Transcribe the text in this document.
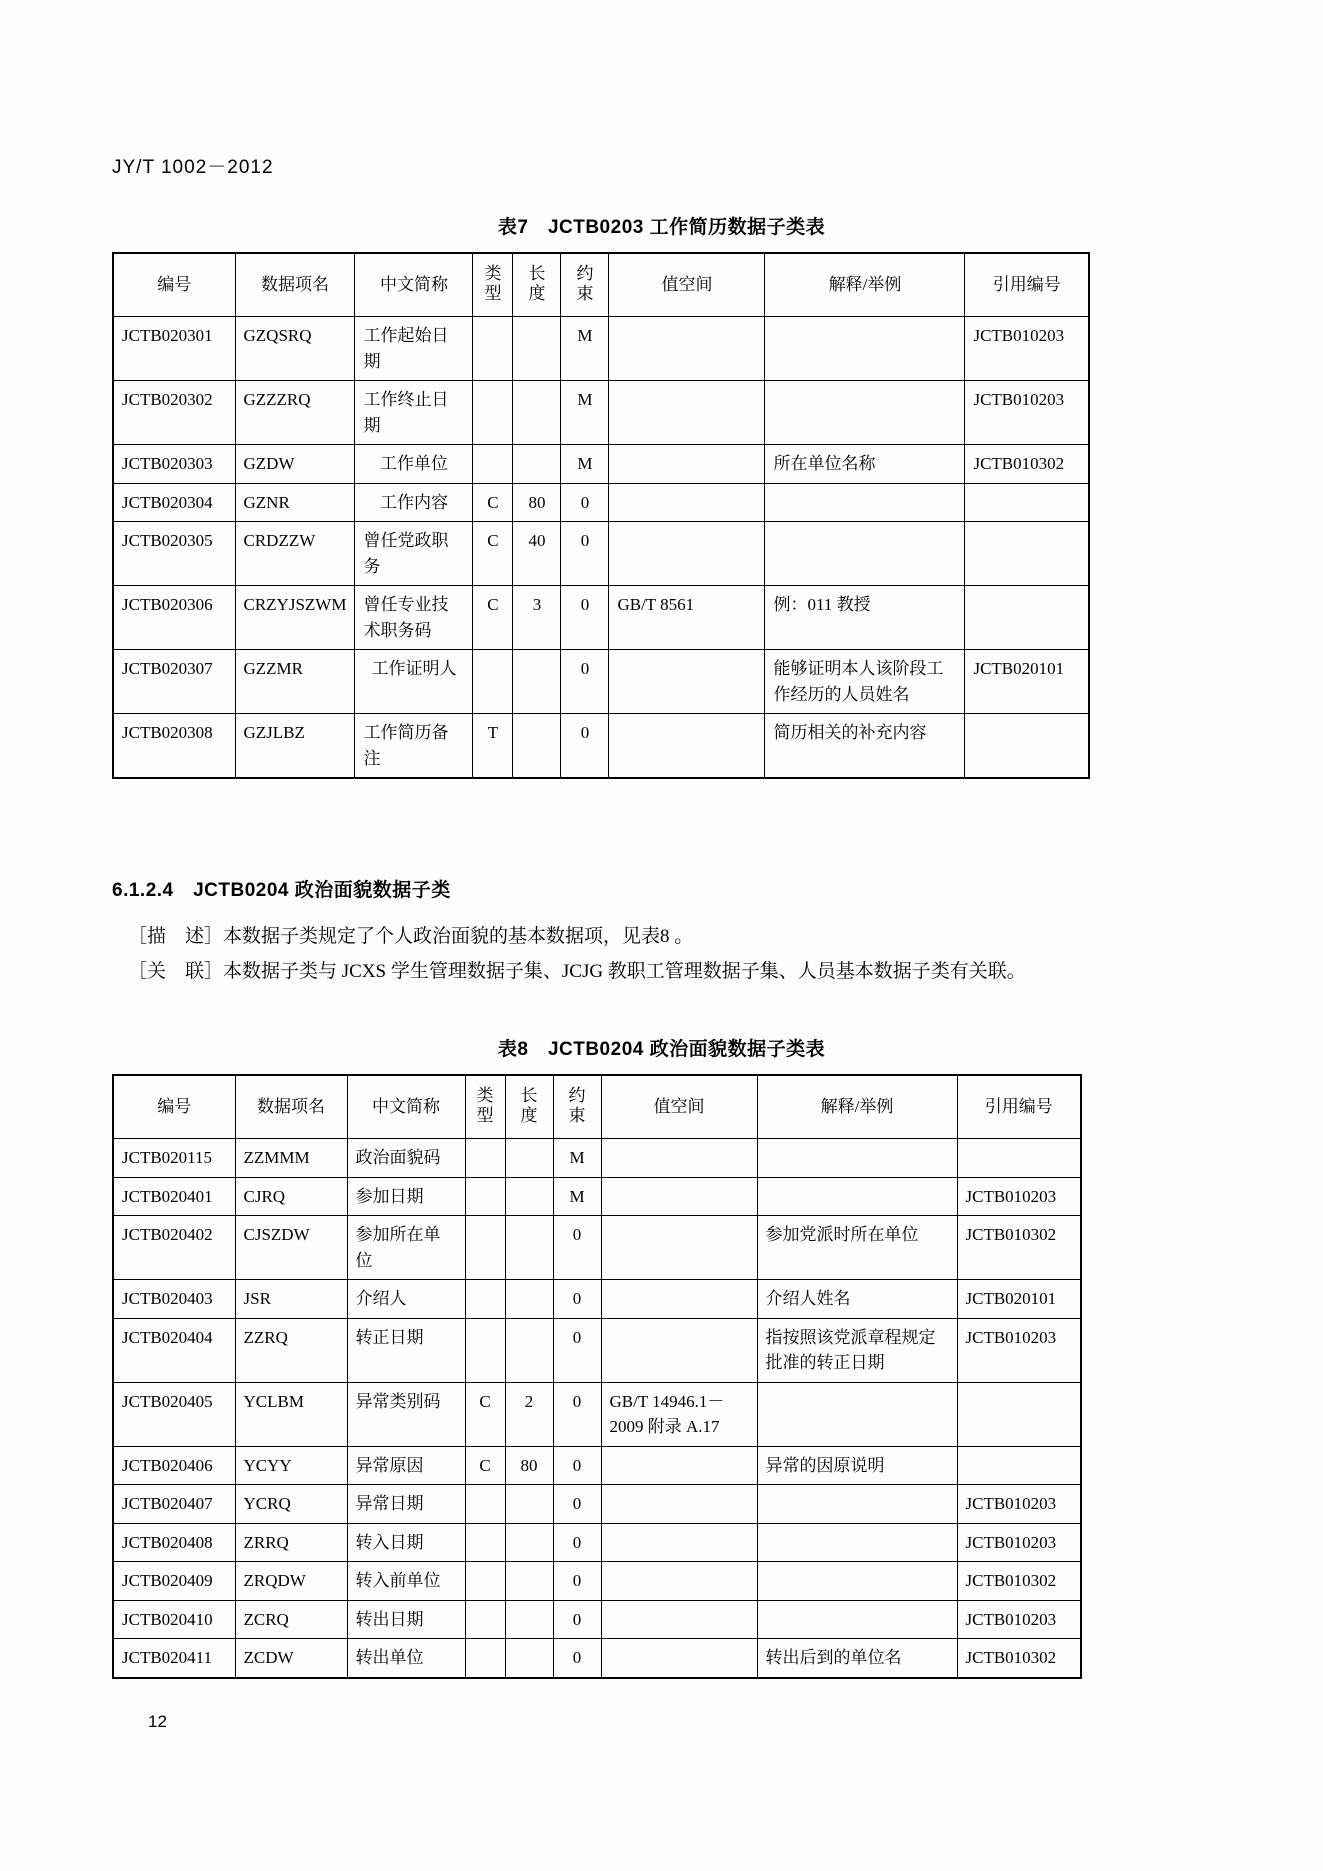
JY/T 1002－2012
表7　JCTB0203 工作简历数据子类表
编号	数据项名	中文简称	类型	长度	约束	值空间	解释/举例	引用编号
JCTB020301	GZQSRQ	工作起始日期			M			JCTB010203
JCTB020302	GZZZRQ	工作终止日期			M			JCTB010203
JCTB020303	GZDW	工作单位			M		所在单位名称	JCTB010302
JCTB020304	GZNR	工作内容	C	80	0			
JCTB020305	CRDZZW	曾任党政职务	C	40	0			
JCTB020306	CRZYJSZWM	曾任专业技术职务码	C	3	0	GB/T 8561	例：011 教授	
JCTB020307	GZZMR	工作证明人			0		能够证明本人该阶段工作经历的人员姓名	JCTB020101
JCTB020308	GZJLBZ	工作简历备注	T		0		简历相关的补充内容	
6.1.2.4　JCTB0204 政治面貌数据子类
［描　述］本数据子类规定了个人政治面貌的基本数据项，见表8 。
［关　联］本数据子类与 JCXS 学生管理数据子集、JCJG 教职工管理数据子集、人员基本数据子类有关联。
表8　JCTB0204 政治面貌数据子类表
编号	数据项名	中文简称	类型	长度	约束	值空间	解释/举例	引用编号
JCTB020115	ZZMMM	政治面貌码			M			
JCTB020401	CJRQ	参加日期			M			JCTB010203
JCTB020402	CJSZDW	参加所在单位			0		参加党派时所在单位	JCTB010302
JCTB020403	JSR	介绍人			0		介绍人姓名	JCTB020101
JCTB020404	ZZRQ	转正日期			0		指按照该党派章程规定批准的转正日期	JCTB010203
JCTB020405	YCLBM	异常类别码	C	2	0	GB/T 14946.1－2009 附录 A.17		
JCTB020406	YCYY	异常原因	C	80	0		异常的因原说明	
JCTB020407	YCRQ	异常日期			0			JCTB010203
JCTB020408	ZRRQ	转入日期			0			JCTB010203
JCTB020409	ZRQDW	转入前单位			0			JCTB010302
JCTB020410	ZCRQ	转出日期			0			JCTB010203
JCTB020411	ZCDW	转出单位			0		转出后到的单位名	JCTB010302
12
